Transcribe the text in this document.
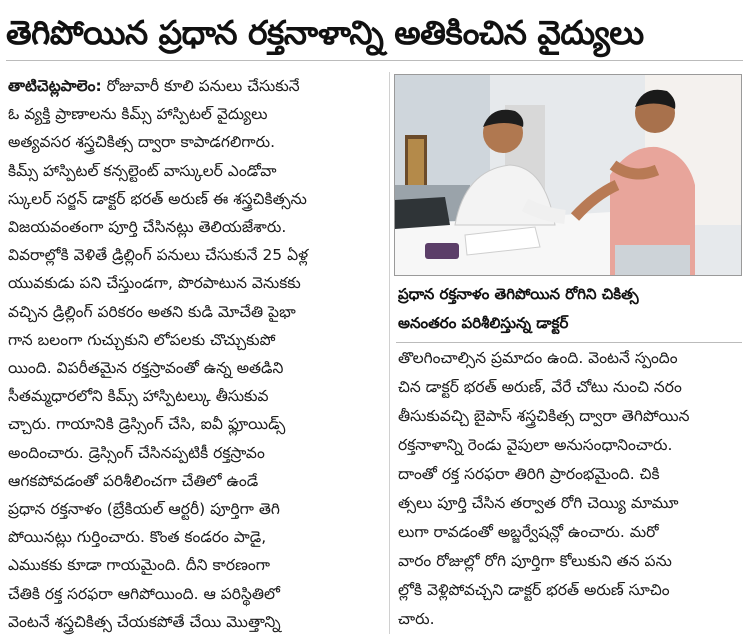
తెగిపోయిన ప్రధాన రక్తనాళాన్ని అతికించిన వైద్యులు
తాటిచెట్లపాలెం: రోజువారీ కూలి పనులు చేసుకునే
ఓ వ్యక్తి ప్రాణాలను కిమ్స్ హాస్పిటల్ వైద్యులు
అత్యవసర శస్త్రచికిత్స ద్వారా కాపాడగలిగారు.
కిమ్స్ హాస్పిటల్ కన్సల్టెంట్ వాస్కులర్ ఎండోవా
స్కులర్ సర్జన్ డాక్టర్ భరత్ అరుణ్ ఈ శస్త్రచికిత్సను
విజయవంతంగా పూర్తి చేసినట్లు తెలియజేశారు.
వివరాల్లోకి వెళితే డ్రిల్లింగ్ పనులు చేసుకునే 25 ఏళ్ల
యువకుడు పని చేస్తుండగా, పొరపాటున వెనుకకు
వచ్చిన డ్రిల్లింగ్ పరికరం అతని కుడి మోచేతి పైభా
గాన బలంగా గుచ్చుకుని లోపలకు చొచ్చుకుపో
యింది. విపరీతమైన రక్తస్రావంతో ఉన్న అతడిని
సీతమ్మధారలోని కిమ్స్ హాస్పిటల్కు తీసుకువ
చ్చారు. గాయానికి డ్రెస్సింగ్ చేసి, ఐవీ ఫ్లూయిడ్స్
అందించారు. డ్రెస్సింగ్ చేసినప్పటికీ రక్తస్రావం
ఆగకపోవడంతో పరిశీలించగా చేతిలో ఉండే
ప్రధాన రక్తనాళం (బ్రేకియల్ ఆర్టరీ) పూర్తిగా తెగి
పోయినట్లు గుర్తించారు. కొంత కండరం పాడై,
ఎముకకు కూడా గాయమైంది. దీని కారణంగా
చేతికి రక్త సరఫరా ఆగిపోయింది. ఆ పరిస్థితిలో
వెంటనే శస్త్రచికిత్స చేయకపోతే చేయి మొత్తాన్ని
ప్రధాన రక్తనాళం తెగిపోయిన రోగిని చికిత్స
అనంతరం పరిశీలిస్తున్న డాక్టర్
తొలగించాల్సిన ప్రమాదం ఉంది. వెంటనే స్పందిం
చిన డాక్టర్ భరత్ అరుణ్, వేరే చోటు నుంచి నరం
తీసుకువచ్చి బైపాస్ శస్త్రచికిత్స ద్వారా తెగిపోయిన
రక్తనాళాన్ని రెండు వైపులా అనుసంధానించారు.
దాంతో రక్త సరఫరా తిరిగి ప్రారంభమైంది. చికి
త్సలు పూర్తి చేసిన తర్వాత రోగి చెయ్యి మామూ
లుగా రావడంతో అబ్జర్వేషన్లో ఉంచారు. మరో
వారం రోజుల్లో రోగి పూర్తిగా కోలుకుని తన పను
ల్లోకి వెళ్లిపోవచ్చని డాక్టర్ భరత్ అరుణ్ సూచిం
చారు.
